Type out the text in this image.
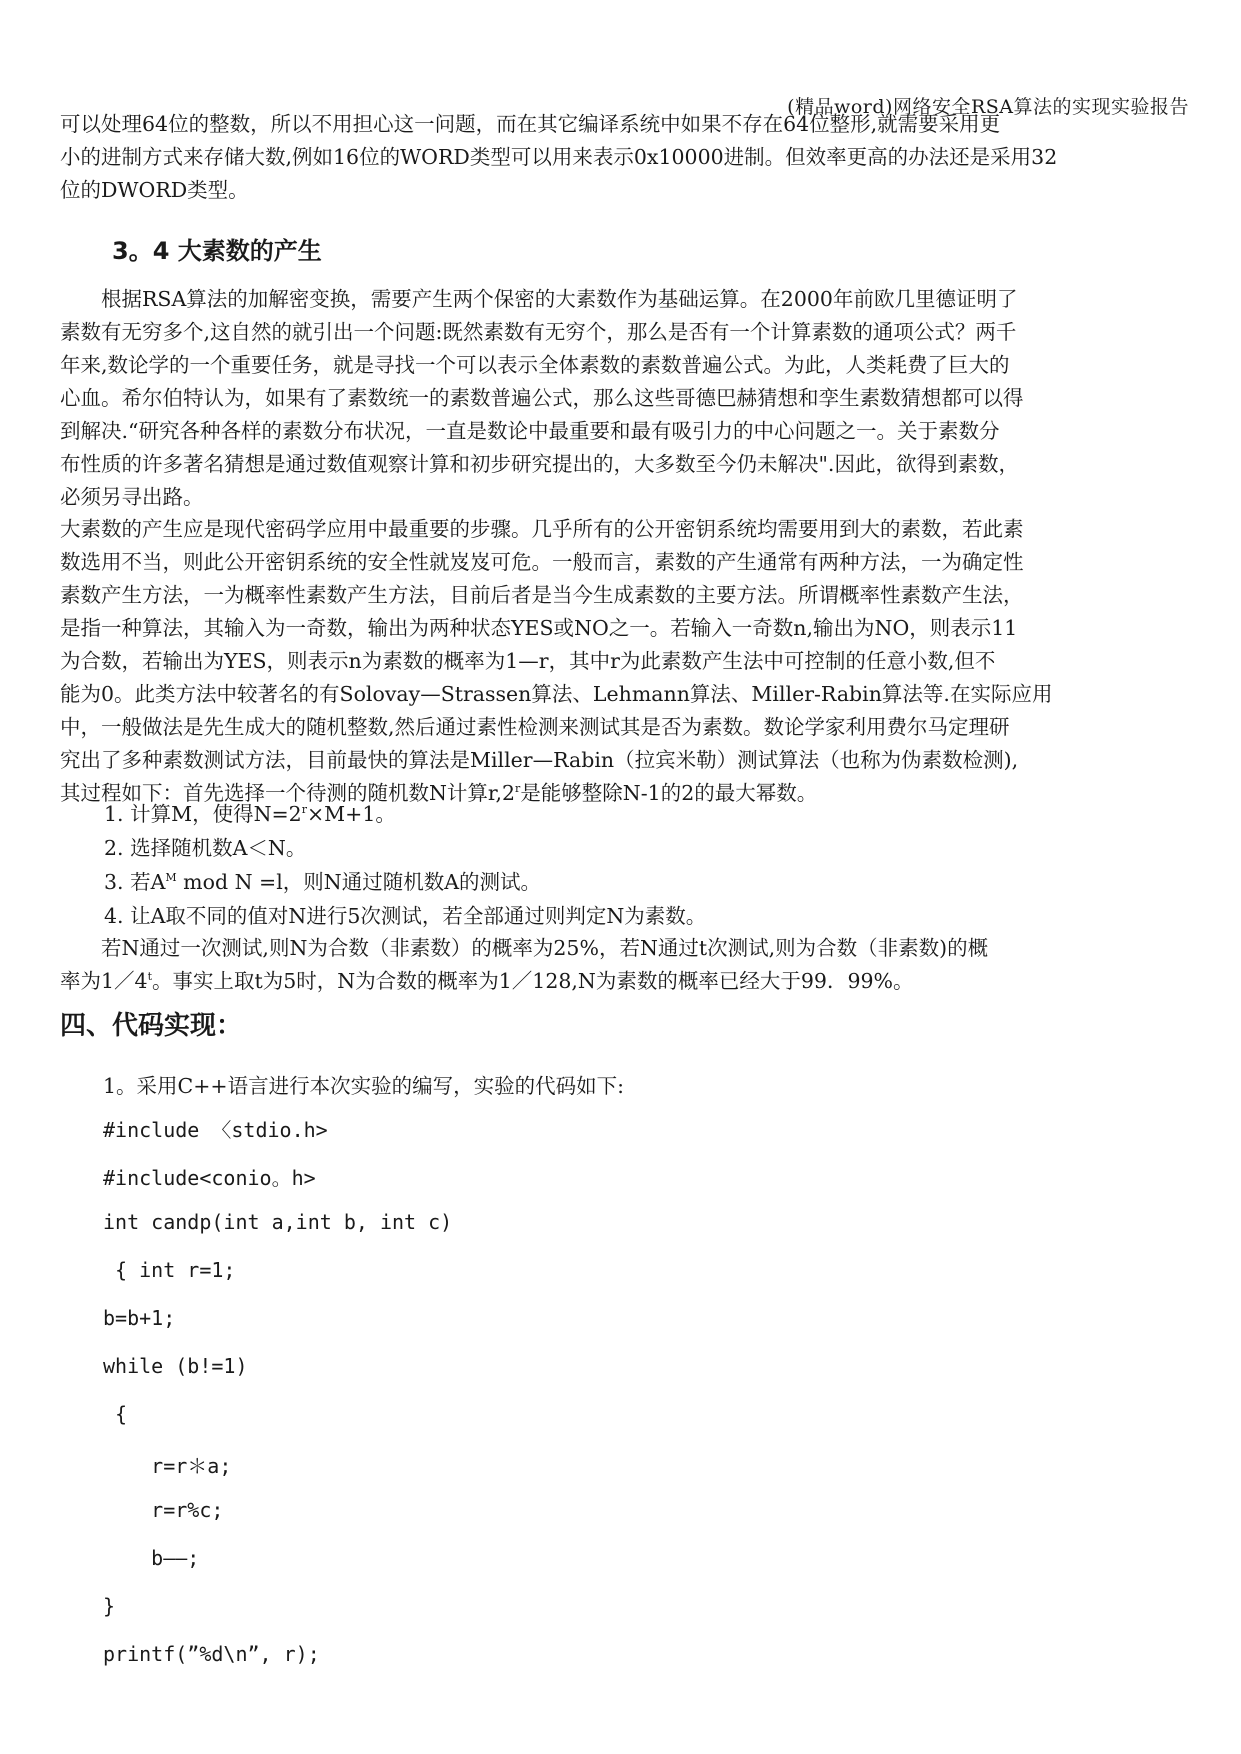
(精品word)网络安全RSA算法的实现实验报告
可以处理64位的整数，所以不用担心这一问题，而在其它编译系统中如果不存在64位整形,就需要采用更
小的进制方式来存储大数,例如16位的WORD类型可以用来表示0x10000进制。但效率更高的办法还是采用32
位的DWORD类型。
3。4 大素数的产生
　　根据RSA算法的加解密变换，需要产生两个保密的大素数作为基础运算。在2000年前欧几里德证明了
素数有无穷多个,这自然的就引出一个问题:既然素数有无穷个，那么是否有一个计算素数的通项公式？两千
年来,数论学的一个重要任务，就是寻找一个可以表示全体素数的素数普遍公式。为此，人类耗费了巨大的
心血。希尔伯特认为，如果有了素数统一的素数普遍公式，那么这些哥德巴赫猜想和孪生素数猜想都可以得
到解决.“研究各种各样的素数分布状况，一直是数论中最重要和最有吸引力的中心问题之一。关于素数分
布性质的许多著名猜想是通过数值观察计算和初步研究提出的，大多数至今仍未解决".因此，欲得到素数，
必须另寻出路。
大素数的产生应是现代密码学应用中最重要的步骤。几乎所有的公开密钥系统均需要用到大的素数，若此素
数选用不当，则此公开密钥系统的安全性就岌岌可危。一般而言，素数的产生通常有两种方法，一为确定性
素数产生方法，一为概率性素数产生方法，目前后者是当今生成素数的主要方法。所谓概率性素数产生法，
是指一种算法，其输入为一奇数，输出为两种状态YES或NO之一。若输入一奇数n,输出为NO，则表示11
为合数，若输出为YES，则表示n为素数的概率为1—r，其中r为此素数产生法中可控制的任意小数,但不
能为0。此类方法中较著名的有Solovay—Strassen算法、Lehmann算法、Miller-Rabin算法等.在实际应用
中，一般做法是先生成大的随机整数,然后通过素性检测来测试其是否为素数。数论学家利用费尔马定理研
究出了多种素数测试方法，目前最快的算法是Miller—Rabin（拉宾米勒）测试算法（也称为伪素数检测),
其过程如下：首先选择一个待测的随机数N计算r,2$^r$是能够整除N-1的2的最大幂数。
1. 计算M，使得$N=2^r\times M+1$。
2. 选择随机数A＜N。
3. 若$A^M$ mod N =l，则N通过随机数A的测试。
4. 让A取不同的值对N进行5次测试，若全部通过则判定N为素数。
　　若N通过一次测试,则N为合数（非素数）的概率为25%，若N通过t次测试,则为合数（非素数)的概
率为1／4$^t$。事实上取t为5时，N为合数的概率为1／128,N为素数的概率已经大于99．99%。
四、代码实现：
1。采用C++语言进行本次实验的编写，实验的代码如下:
#include 〈stdio.h>
#include<conio。h>
int candp(int a,int b, int c)
{ int r=1;
b=b+1;
while (b!=1)
{
r=r＊a;
r=r%c;
b——;
}
printf(”%d\n”, r);
